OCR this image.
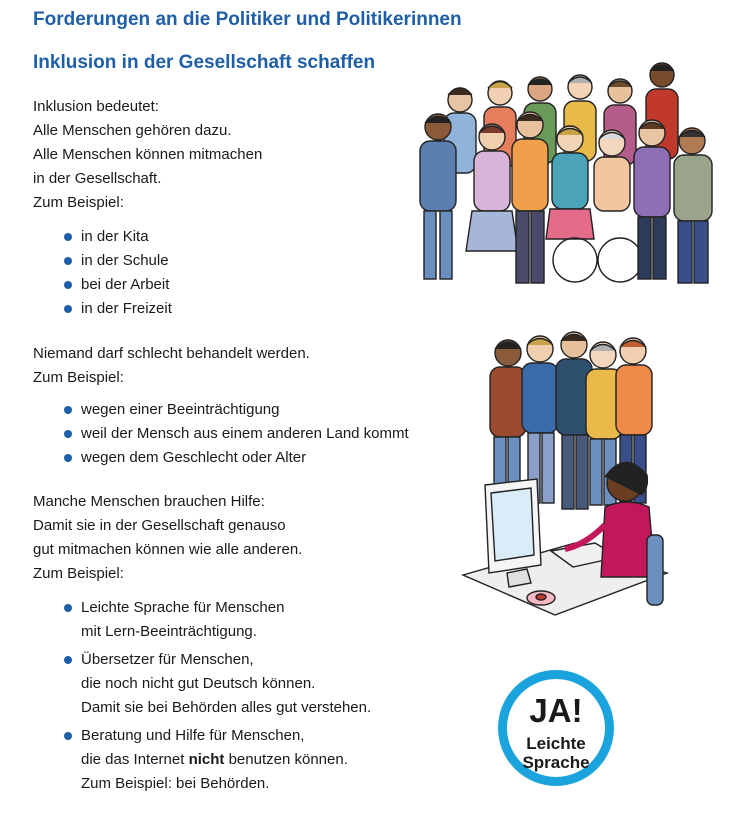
Forderungen an die Politiker und Politikerinnen
Inklusion in der Gesellschaft schaffen
Inklusion bedeutet:
Alle Menschen gehören dazu.
Alle Menschen können mitmachen
in der Gesellschaft.
Zum Beispiel:
in der Kita
in der Schule
bei der Arbeit
in der Freizeit
Niemand darf schlecht behandelt werden.
Zum Beispiel:
wegen einer Beeinträchtigung
weil der Mensch aus einem anderen Land kommt
wegen dem Geschlecht oder Alter
Manche Menschen brauchen Hilfe:
Damit sie in der Gesellschaft genauso
gut mitmachen können wie alle anderen.
Zum Beispiel:
Leichte Sprache für Menschen
mit Lern-Beeinträchtigung.
Übersetzer für Menschen,
die noch nicht gut Deutsch können.
Damit sie bei Behörden alles gut verstehen.
Beratung und Hilfe für Menschen,
die das Internet nicht benutzen können.
Zum Beispiel: bei Behörden.
JA!
Leichte
Sprache
